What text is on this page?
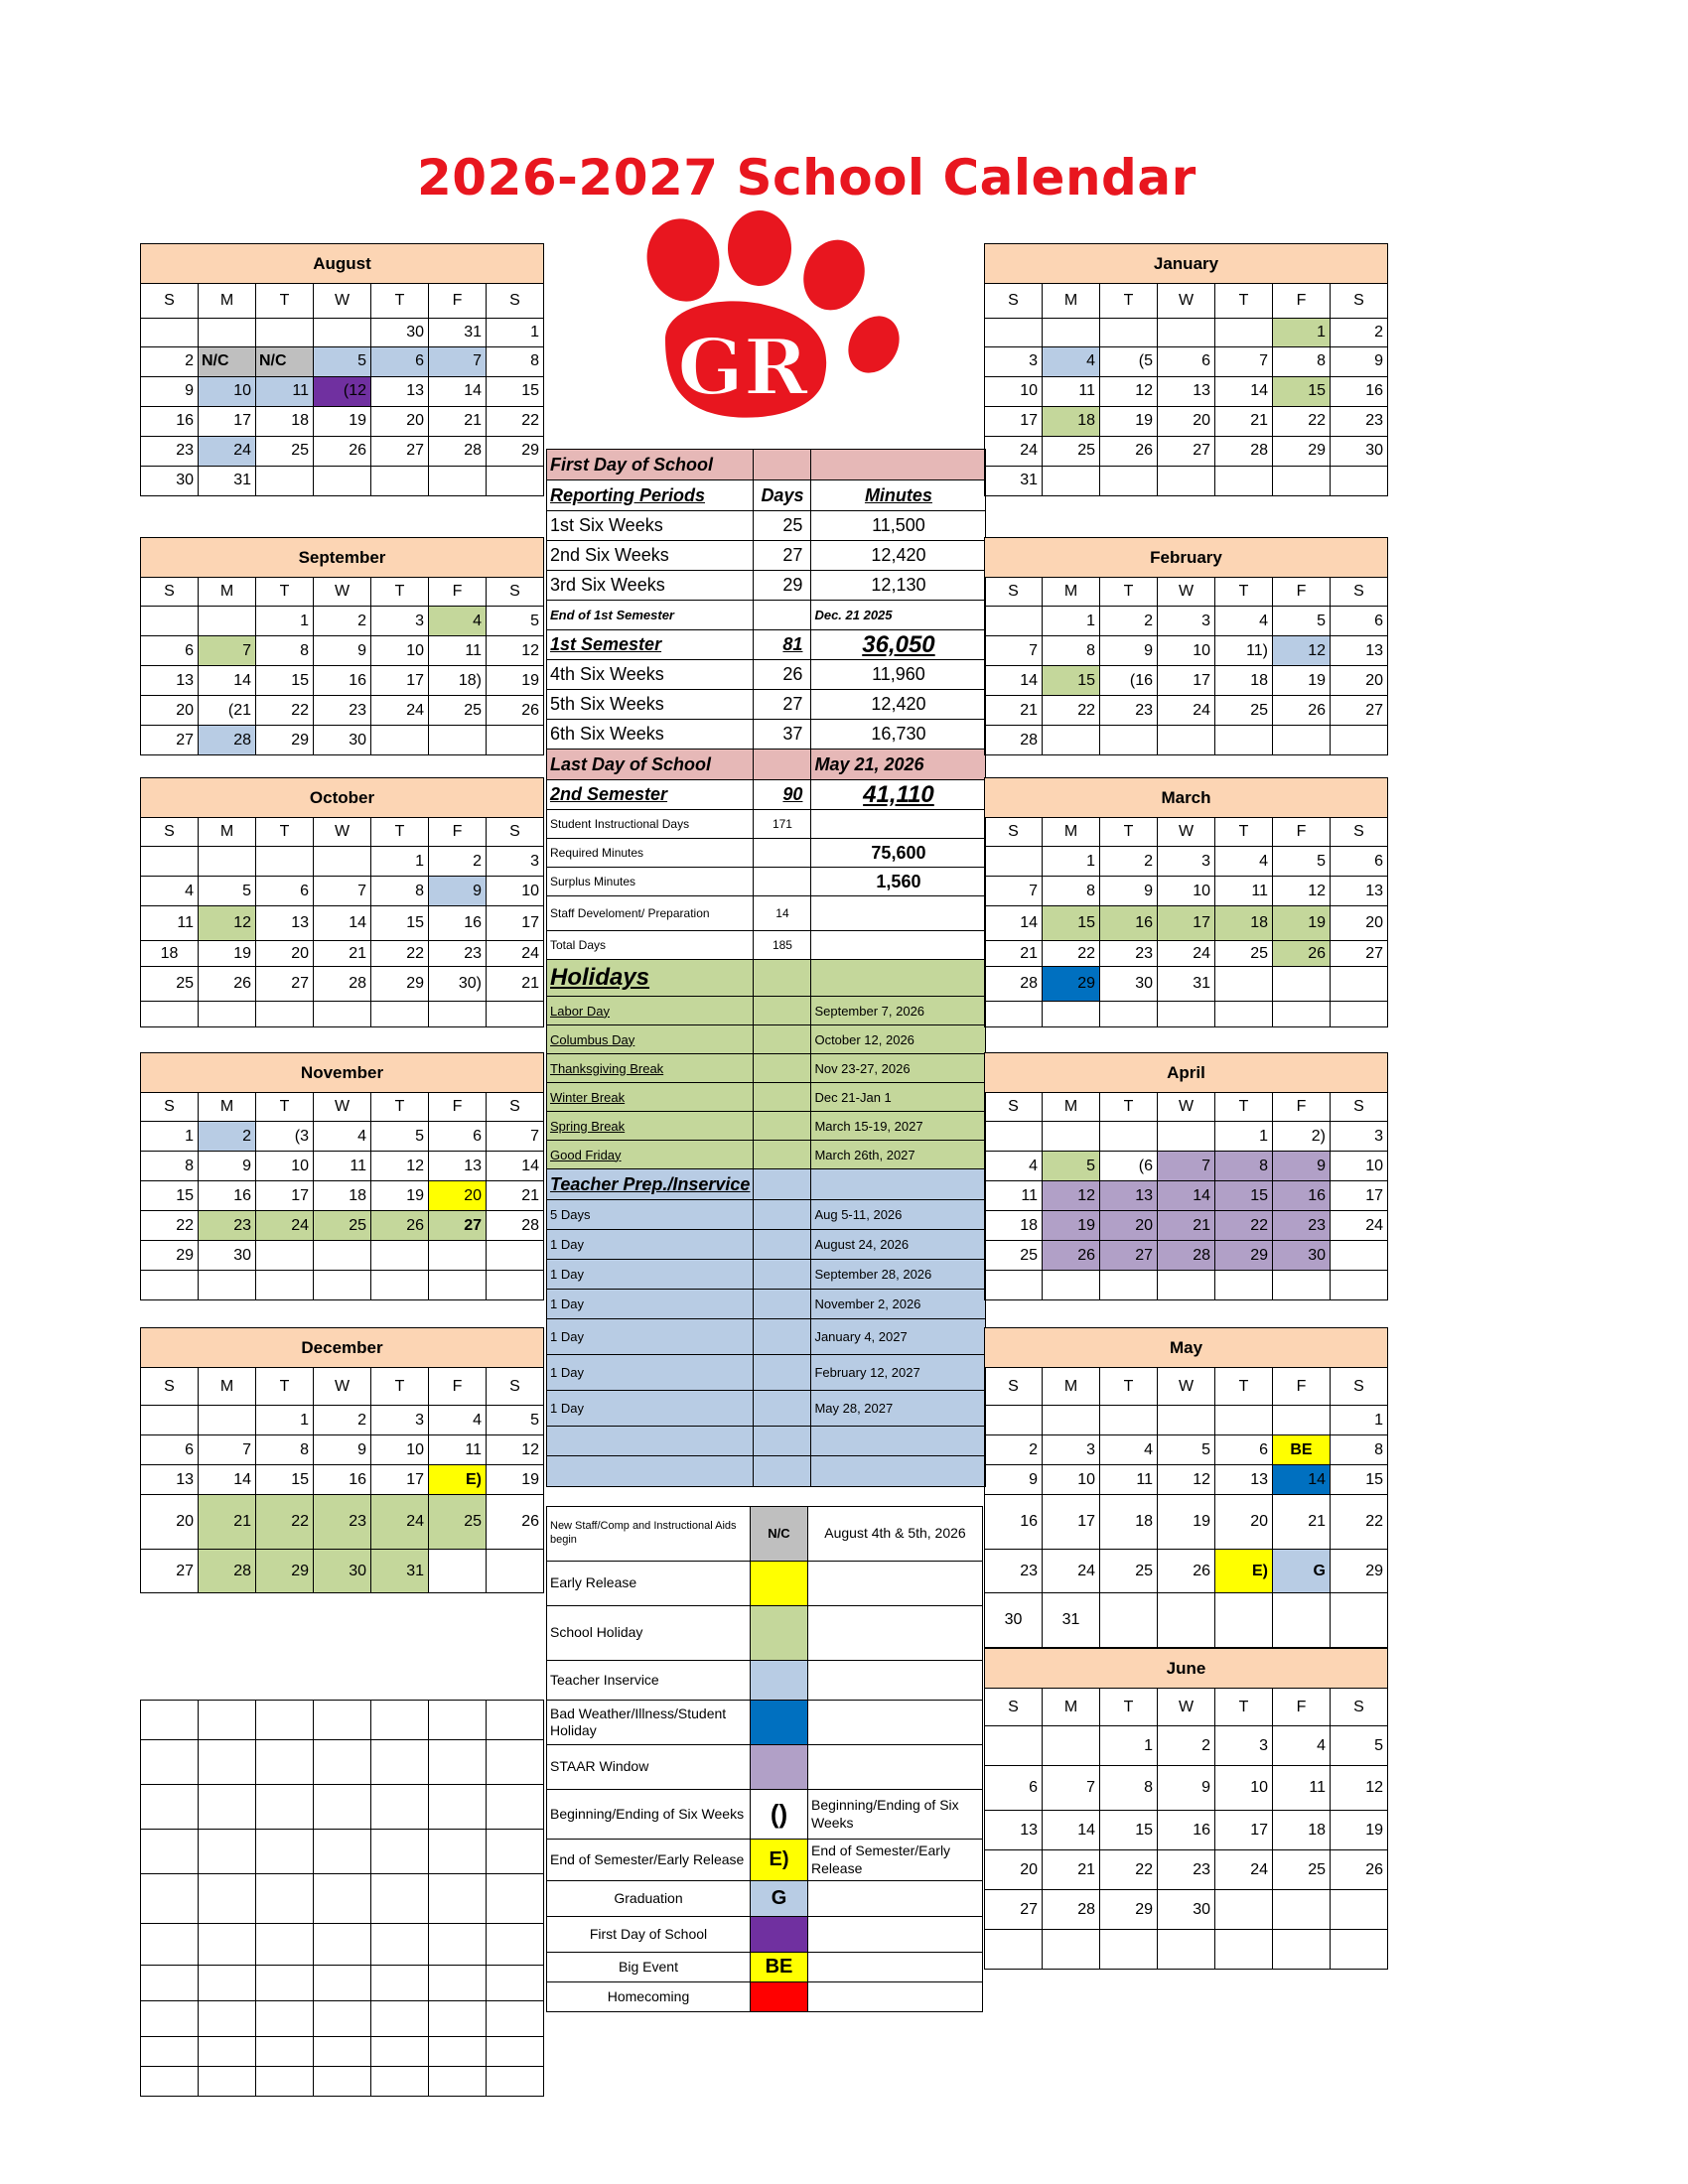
2026-2027 School Calendar
GR
First Day of School		
Reporting Periods	Days	Minutes
1st Six Weeks	25	11,500
2nd Six Weeks	27	12,420
3rd Six Weeks	29	12,130
End of 1st Semester		Dec. 21 2025
1st Semester	81	36,050
4th Six Weeks	26	11,960
5th Six Weeks	27	12,420
6th Six Weeks	37	16,730
Last Day of School		May 21, 2026
2nd Semester	90	41,110
Student Instructional Days	171	
Required Minutes		75,600
Surplus Minutes		1,560
Staff Develoment/ Preparation	14	
Total Days	185	
Holidays		
Labor Day		September 7, 2026
Columbus Day		October 12, 2026
Thanksgiving Break		Nov 23-27, 2026
Winter Break		Dec 21-Jan 1
Spring Break		March 15-19, 2027
Good Friday		March 26th, 2027
Teacher Prep./Inservice		
5 Days		Aug 5-11, 2026
1 Day		August 24, 2026
1 Day		September 28, 2026
1 Day		November 2, 2026
1 Day		January 4, 2027
1 Day		February 12, 2027
1 Day		May 28, 2027

New Staff/Comp and Instructional Aids begin	N/C	August 4th & 5th, 2026
Early Release		
School Holiday		
Teacher Inservice		
Bad Weather/Illness/Student Holiday		
STAAR Window		
Beginning/Ending of Six Weeks	()	Beginning/Ending of Six Weeks
End of Semester/Early Release	E)	End of Semester/Early Release
Graduation	G	
First Day of School		
Big Event	BE	
Homecoming		
August						
S	M	T	W	T	F	S
				30	31	1
2	N/C	N/C	5	6	7	8
9	10	11	(12	13	14	15
16	17	18	19	20	21	22
23	24	25	26	27	28	29
30	31					
September						
S	M	T	W	T	F	S
		1	2	3	4	5
6	7	8	9	10	11	12
13	14	15	16	17	18)	19
20	(21	22	23	24	25	26
27	28	29	30			
October						
S	M	T	W	T	F	S
				1	2	3
4	5	6	7	8	9	10
11	12	13	14	15	16	17
18	19	20	21	22	23	24
25	26	27	28	29	30)	21

November						
S	M	T	W	T	F	S
1	2	(3	4	5	6	7
8	9	10	11	12	13	14
15	16	17	18	19	20	21
22	23	24	25	26	27	28
29	30					

December						
S	M	T	W	T	F	S
		1	2	3	4	5
6	7	8	9	10	11	12
13	14	15	16	17	E)	19
20	21	22	23	24	25	26
27	28	29	30	31		
January						
S	M	T	W	T	F	S
					1	2
3	4	(5	6	7	8	9
10	11	12	13	14	15	16
17	18	19	20	21	22	23
24	25	26	27	28	29	30
31						
February						
S	M	T	W	T	F	S
	1	2	3	4	5	6
7	8	9	10	11)	12	13
14	15	(16	17	18	19	20
21	22	23	24	25	26	27
28						
March						
S	M	T	W	T	F	S
	1	2	3	4	5	6
7	8	9	10	11	12	13
14	15	16	17	18	19	20
21	22	23	24	25	26	27
28	29	30	31			

April						
S	M	T	W	T	F	S
				1	2)	3
4	5	(6	7	8	9	10
11	12	13	14	15	16	17
18	19	20	21	22	23	24
25	26	27	28	29	30	

May						
S	M	T	W	T	F	S
						1
2	3	4	5	6	BE	8
9	10	11	12	13	14	15
16	17	18	19	20	21	22
23	24	25	26	E)	G	29
30	31					
June						
S	M	T	W	T	F	S
		1	2	3	4	5
6	7	8	9	10	11	12
13	14	15	16	17	18	19
20	21	22	23	24	25	26
27	28	29	30			
